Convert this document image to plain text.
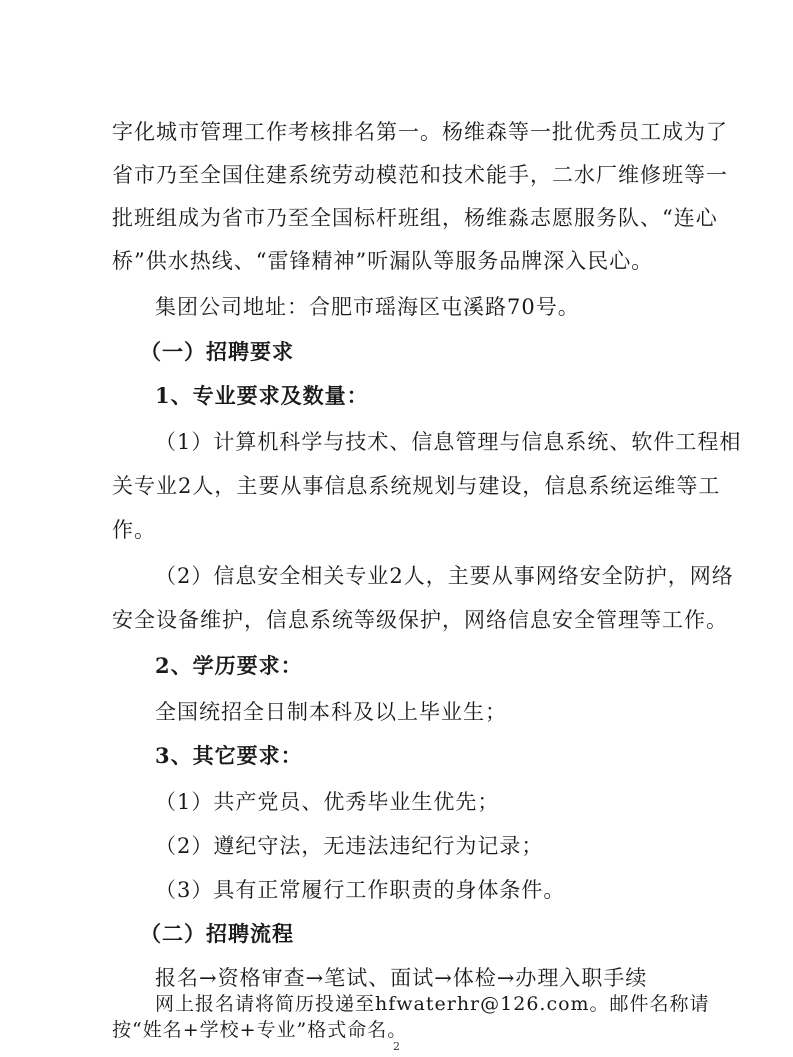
字化城市管理工作考核排名第一。杨维森等一批优秀员工成为了
省市乃至全国住建系统劳动模范和技术能手，二水厂维修班等一
批班组成为省市乃至全国标杆班组，杨维淼志愿服务队、“连心
桥”供水热线、“雷锋精神”听漏队等服务品牌深入民心。
集团公司地址：合肥市瑶海区屯溪路70号。
（一）招聘要求
1、专业要求及数量：
（1）计算机科学与技术、信息管理与信息系统、软件工程相
关专业2人，主要从事信息系统规划与建设，信息系统运维等工
作。
（2）信息安全相关专业2人，主要从事网络安全防护，网络
安全设备维护，信息系统等级保护，网络信息安全管理等工作。
2、学历要求：
全国统招全日制本科及以上毕业生；
3、其它要求：
（1）共产党员、优秀毕业生优先；
（2）遵纪守法，无违法违纪行为记录；
（3）具有正常履行工作职责的身体条件。
（二）招聘流程
报名→资格审查→笔试、面试→体检→办理入职手续
网上报名请将简历投递至hfwaterhr@126.com。邮件名称请
按“姓名+学校+专业”格式命名。
2
